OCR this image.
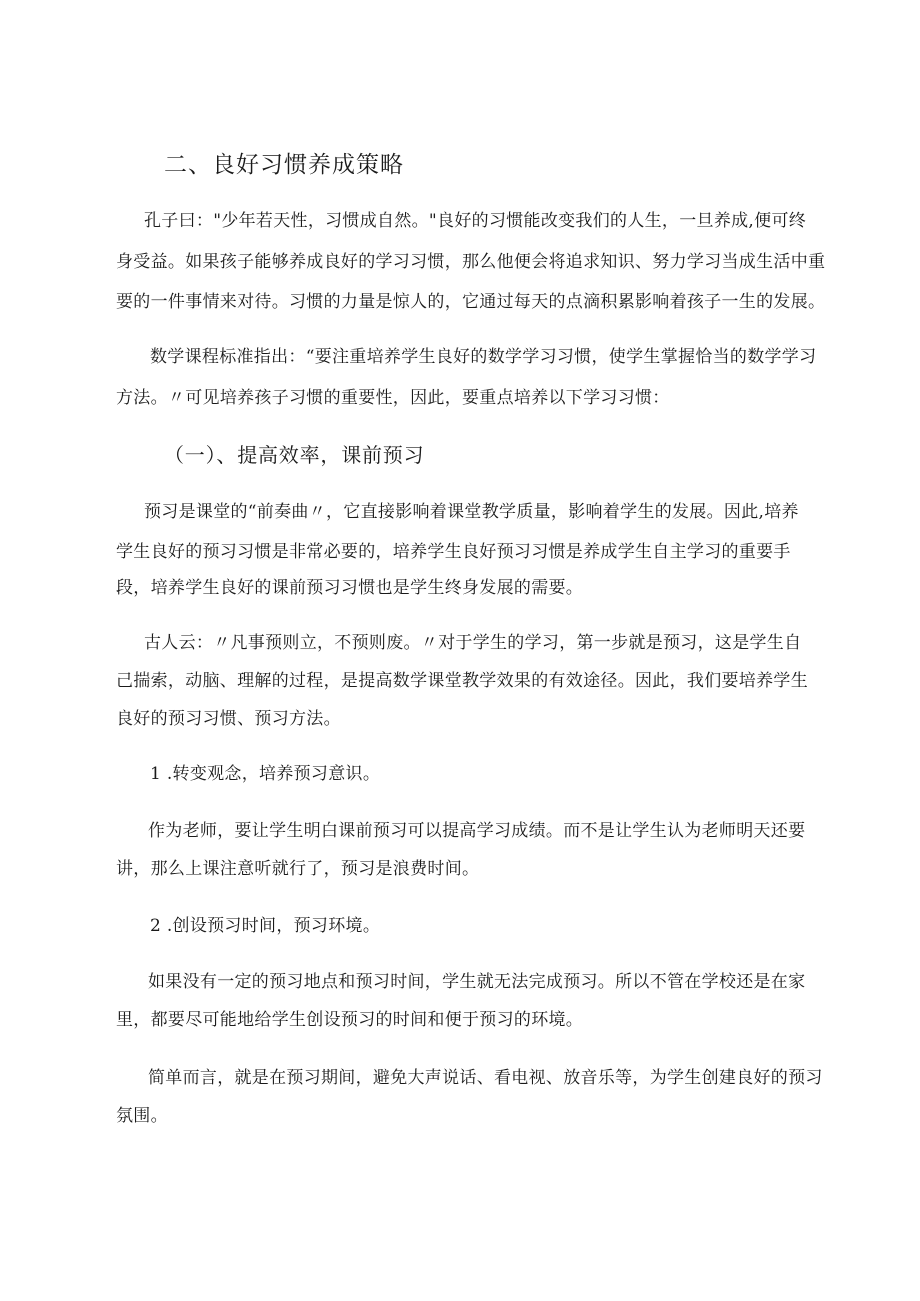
二、良好习惯养成策略
孔子曰："少年若天性，习惯成自然。"良好的习惯能改变我们的人生，一旦养成,便可终
身受益。如果孩子能够养成良好的学习习惯，那么他便会将追求知识、努力学习当成生活中重
要的一件事情来对待。习惯的力量是惊人的，它通过每天的点滴积累影响着孩子一生的发展。
数学课程标准指出：“要注重培养学生良好的数学学习习惯，使学生掌握恰当的数学学习
方法。〃可见培养孩子习惯的重要性，因此，要重点培养以下学习习惯：
（一）、提高效率，课前预习
预习是课堂的“前奏曲〃，它直接影响着课堂教学质量，影响着学生的发展。因此,培养
学生良好的预习习惯是非常必要的，培养学生良好预习习惯是养成学生自主学习的重要手
段，培养学生良好的课前预习习惯也是学生终身发展的需要。
古人云：〃凡事预则立，不预则废。〃对于学生的学习，第一步就是预习，这是学生自
己揣索，动脑、理解的过程，是提高数学课堂教学效果的有效途径。因此，我们要培养学生
良好的预习习惯、预习方法。
1 .转变观念，培养预习意识。
作为老师，要让学生明白课前预习可以提高学习成绩。而不是让学生认为老师明天还要
讲，那么上课注意听就行了，预习是浪费时间。
2 .创设预习时间，预习环境。
如果没有一定的预习地点和预习时间，学生就无法完成预习。所以不管在学校还是在家
里，都要尽可能地给学生创设预习的时间和便于预习的环境。
简单而言，就是在预习期间，避免大声说话、看电视、放音乐等，为学生创建良好的预习
氛围。
